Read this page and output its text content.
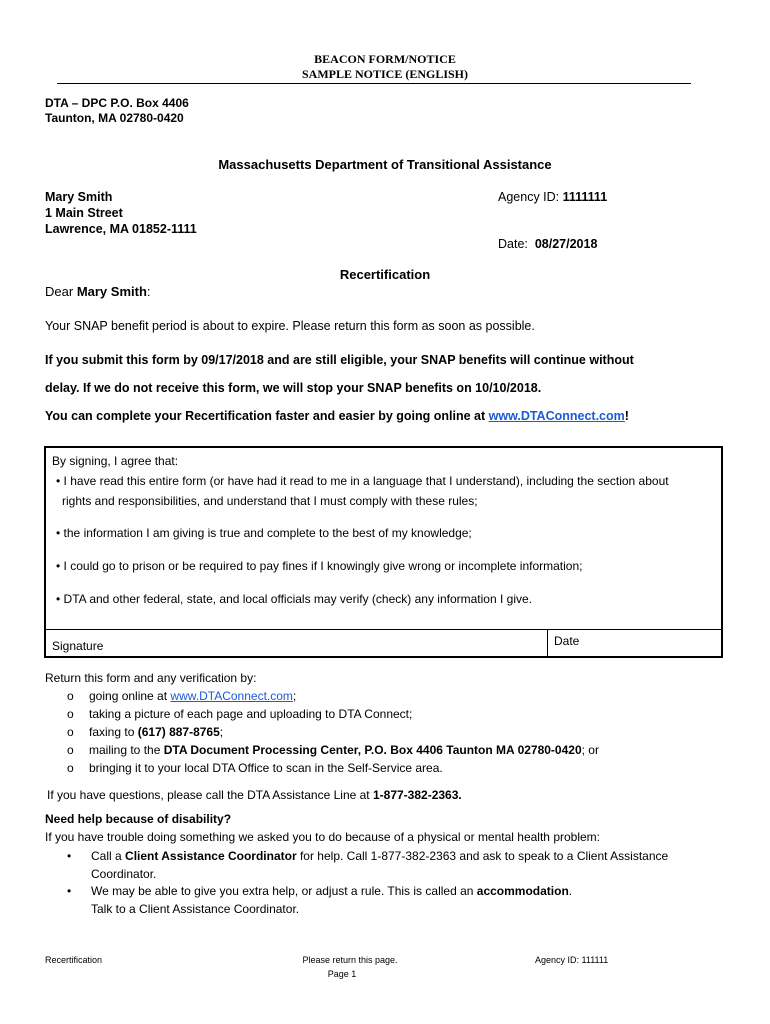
BEACON FORM/NOTICE
SAMPLE NOTICE (ENGLISH)
DTA – DPC P.O. Box 4406
Taunton, MA 02780-0420
Massachusetts Department of Transitional Assistance
Mary Smith
1 Main Street
Lawrence, MA 01852-1111
Agency ID: 1111111
Date: 08/27/2018
Recertification
Dear Mary Smith:
Your SNAP benefit period is about to expire. Please return this form as soon as possible.
If you submit this form by 09/17/2018 and are still eligible, your SNAP benefits will continue without
delay. If we do not receive this form, we will stop your SNAP benefits on 10/10/2018.
You can complete your Recertification faster and easier by going online at www.DTAConnect.com!
By signing, I agree that:
• I have read this entire form (or have had it read to me in a language that I understand), including the section about
rights and responsibilities, and understand that I must comply with these rules;
• the information I am giving is true and complete to the best of my knowledge;
• I could go to prison or be required to pay fines if I knowingly give wrong or incomplete information;
• DTA and other federal, state, and local officials may verify (check) any information I give.
Signature	Date
Return this form and any verification by:
o going online at www.DTAConnect.com;
o taking a picture of each page and uploading to DTA Connect;
o faxing to (617) 887-8765;
o mailing to the DTA Document Processing Center, P.O. Box 4406 Taunton MA 02780-0420; or
o bringing it to your local DTA Office to scan in the Self-Service area.
If you have questions, please call the DTA Assistance Line at 1-877-382-2363.
Need help because of disability?
If you have trouble doing something we asked you to do because of a physical or mental health problem:
• Call a Client Assistance Coordinator for help. Call 1-877-382-2363 and ask to speak to a Client Assistance
Coordinator.
• We may be able to give you extra help, or adjust a rule. This is called an accommodation.
Talk to a Client Assistance Coordinator.
Recertification	Please return this page.
Page 1
Agency ID: 111111
